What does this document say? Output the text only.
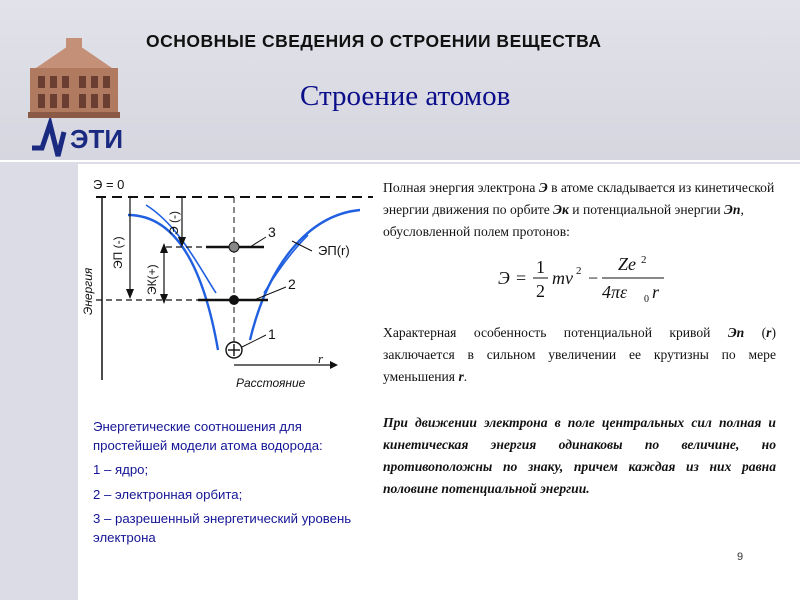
ЭТИ
ОСНОВНЫЕ СВЕДЕНИЯ О СТРОЕНИИ ВЕЩЕСТВА
Строение атомов
Э = 0
Энергия
r
Расстояние
3
2
1
ЭП (-)
ЭК(+)
Э (-)
ЭП(r)

Энергетические соотношения для простейшей модели атома водорода:

1 – ядро;

2 – электронная орбита;

3 – разрешенный энергетический уровень электрона

Полная энергия электрона Э в атоме складывается из кинетической энергии движения по орбите Эк и потенциальной энергии Эп, обусловленной полем протонов:
Э =
1
2
mv 2 −
Ze 2
4πε 0 r
Характерная особенность потенциальной кривой Эп (r) заключается в сильном увеличении ее крутизны по мере уменьшения r.
При движении электрона в поле центральных сил полная и кинетическая энергия одинаковы по величине, но противоположны по знаку, причем каждая из них равна половине потенциальной энергии.
9
